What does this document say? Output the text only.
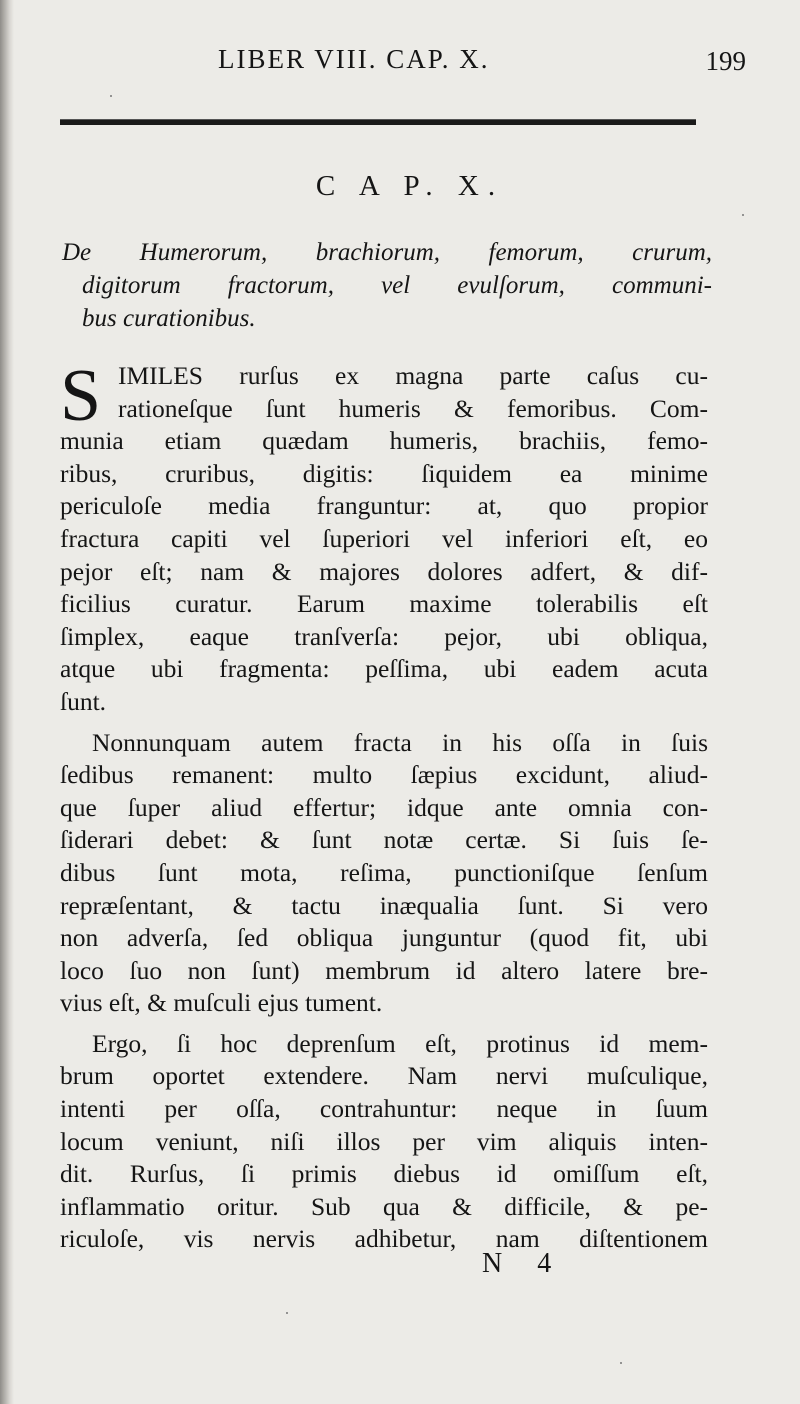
LIBER VIII. CAP. X.	199
C A P. X.
De Humerorum, brachiorum, femorum, crurum,
digitorum fractorum, vel evulſorum, communi-
bus curationibus.
S IMILES rurſus ex magna parte caſus cu-
rationeſque ſunt humeris & femoribus. Com-
munia etiam quædam humeris, brachiis, femo-
ribus, cruribus, digitis: ſiquidem ea minime
periculoſe media franguntur: at, quo propior
fractura capiti vel ſuperiori vel inferiori eſt, eo
pejor eſt; nam & majores dolores adfert, & dif-
ficilius curatur. Earum maxime tolerabilis eſt
ſimplex, eaque tranſverſa: pejor, ubi obliqua,
atque ubi fragmenta: peſſima, ubi eadem acuta
ſunt.
Nonnunquam autem fracta in his oſſa in ſuis
ſedibus remanent: multo ſæpius excidunt, aliud-
que ſuper aliud effertur; idque ante omnia con-
ſiderari debet: & ſunt notæ certæ. Si ſuis ſe-
dibus ſunt mota, reſima, punctioniſque ſenſum
repræſentant, & tactu inæqualia ſunt. Si vero
non adverſa, ſed obliqua junguntur (quod fit, ubi
loco ſuo non ſunt) membrum id altero latere bre-
vius eſt, & muſculi ejus tument.
Ergo, ſi hoc deprenſum eſt, protinus id mem-
brum oportet extendere. Nam nervi muſculique,
intenti per oſſa, contrahuntur: neque in ſuum
locum veniunt, niſi illos per vim aliquis inten-
dit. Rurſus, ſi primis diebus id omiſſum eſt,
inflammatio oritur. Sub qua & difficile, & pe-
riculoſe, vis nervis adhibetur, nam diſtentionem
N 4
